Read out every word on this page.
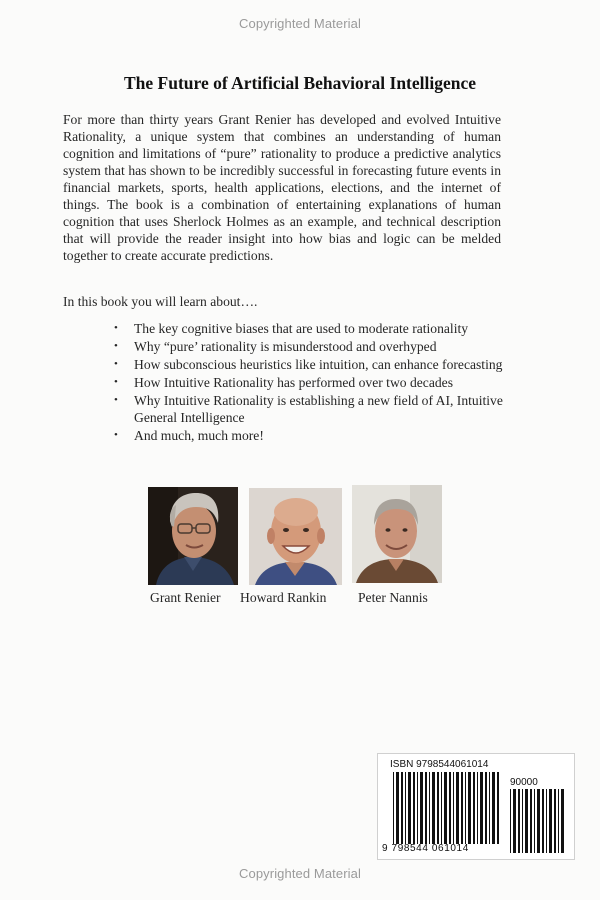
Copyrighted Material
The Future of Artificial Behavioral Intelligence
For more than thirty years Grant Renier has developed and evolved Intuitive Rationality, a unique system that combines an understanding of human cognition and limitations of “pure” rationality to produce a predictive analytics system that has shown to be incredibly successful in forecasting future events in financial markets, sports, health applications, elections, and the internet of things. The book is a combination of entertaining explanations of human cognition that uses Sherlock Holmes as an example, and technical description that will provide the reader insight into how bias and logic can be melded together to create accurate predictions.
In this book you will learn about….
• The key cognitive biases that are used to moderate rationality
• Why “pure’ rationality is misunderstood and overhyped
• How subconscious heuristics like intuition, can enhance forecasting
• How Intuitive Rationality has performed over two decades
• Why Intuitive Rationality is establishing a new field of AI, Intuitive General Intelligence
• And much, much more!
Grant Renier Howard Rankin Peter Nannis
ISBN 9798544061014
90000
9 798544 061014
Copyrighted Material
